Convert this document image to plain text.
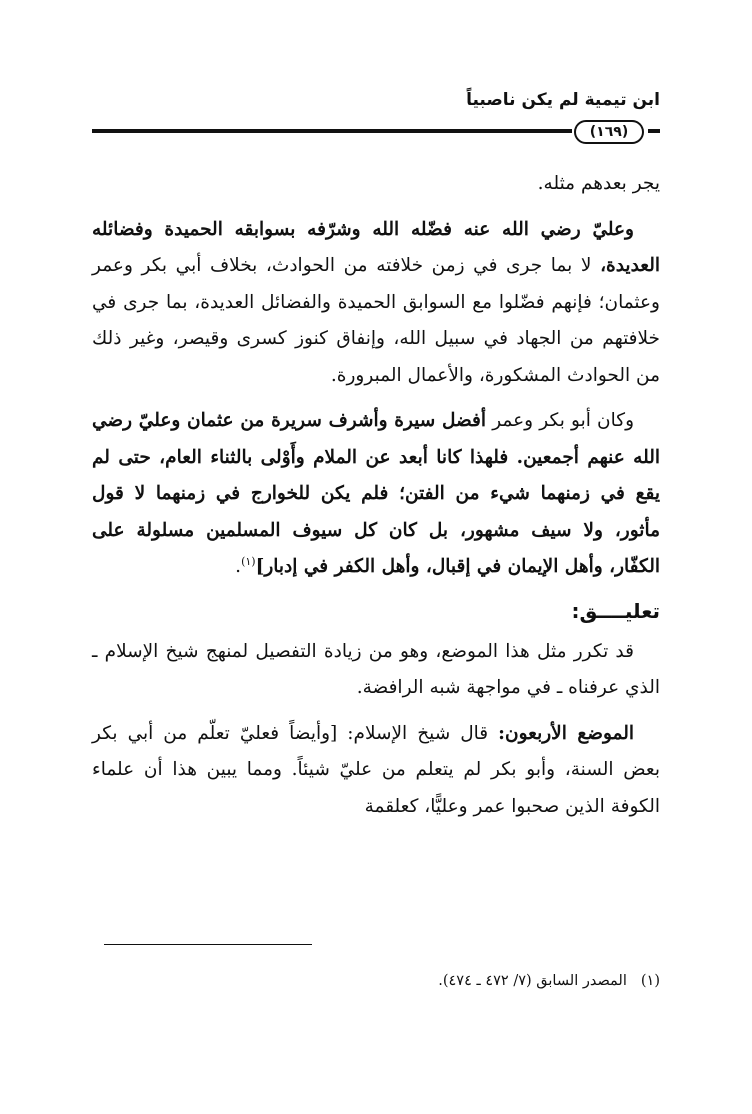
ابن تيمية لم يكن ناصبياً
(١٦٩)

يجر بعدهم مثله.

وعليّ رضي الله عنه فضّله الله وشرّفه بسوابقه الحميدة وفضائله العديدة، لا بما جرى في زمن خلافته من الحوادث، بخلاف أبي بكر وعمر وعثمان؛ فإنهم فضّلوا مع السوابق الحميدة والفضائل العديدة، بما جرى في خلافتهم من الجهاد في سبيل الله، وإنفاق كنوز كسرى وقيصر، وغير ذلك من الحوادث المشكورة، والأعمال المبرورة.

وكان أبو بكر وعمر أفضل سيرة وأشرف سريرة من عثمان وعليّ رضي الله عنهم أجمعين. فلهذا كانا أبعد عن الملام وأَوْلى بالثناء العام، حتى لم يقع في زمنهما شيء من الفتن؛ فلم يكن للخوارج في زمنهما لا قول مأثور، ولا سيف مشهور، بل كان كل سيوف المسلمين مسلولة على الكفّار، وأهل الإيمان في إقبال، وأهل الكفر في إدبار]$^{(١)}$.

تعليــــق:

قد تكرر مثل هذا الموضع، وهو من زيادة التفصيل لمنهج شيخ الإسلام ـ الذي عرفناه ـ في مواجهة شبه الرافضة.

الموضع الأربعون: قال شيخ الإسلام: [وأيضاً فعليّ تعلّم من أبي بكر بعض السنة، وأبو بكر لم يتعلم من عليّ شيئاً. ومما يبين هذا أن علماء الكوفة الذين صحبوا عمر وعليًّا، كعلقمة

(١)المصدر السابق (٧/ ٤٧٢ ـ ٤٧٤).
